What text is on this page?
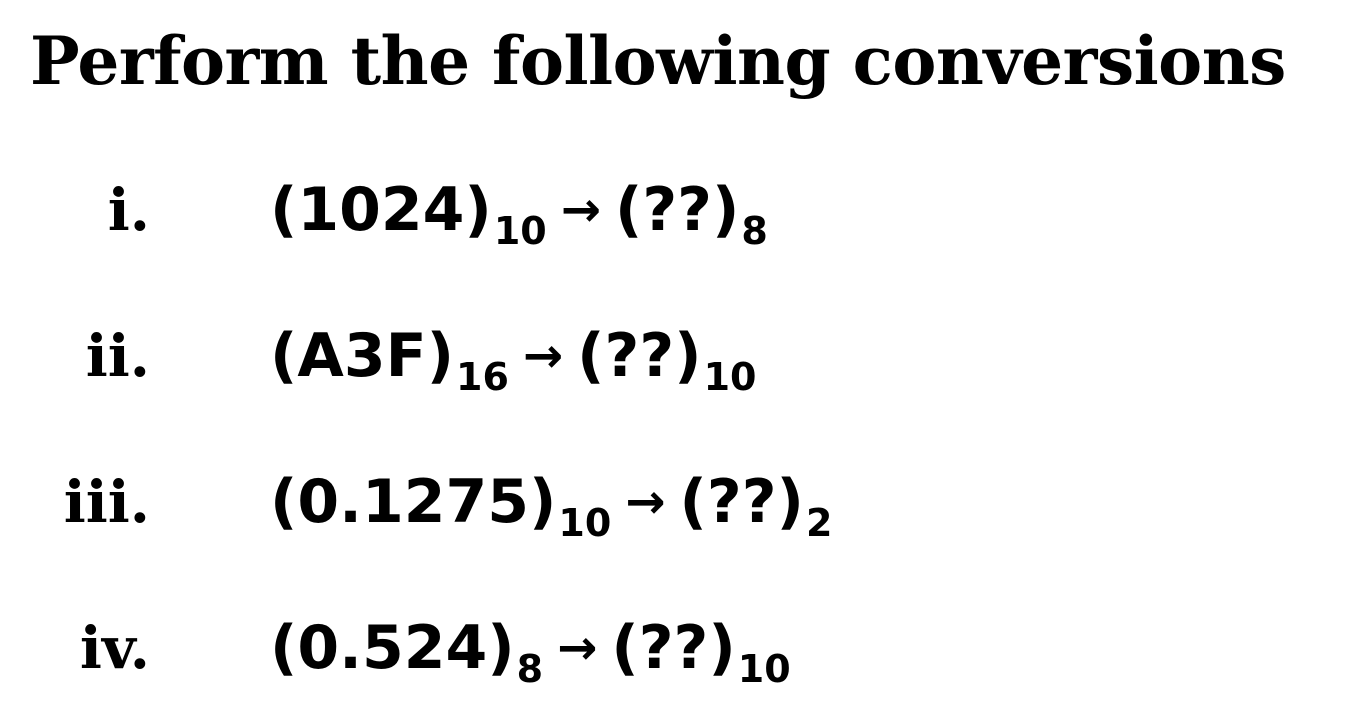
Perform the following conversions
i. $(1024)_{10}$ → $(??)_8$
ii. $(A3F)_{16}$ → $(??)_{10}$
iii. $(0.1275)_{10}$ → $(??)_2$
iv. $(0.524)_8$ → $(??)_{10}$
